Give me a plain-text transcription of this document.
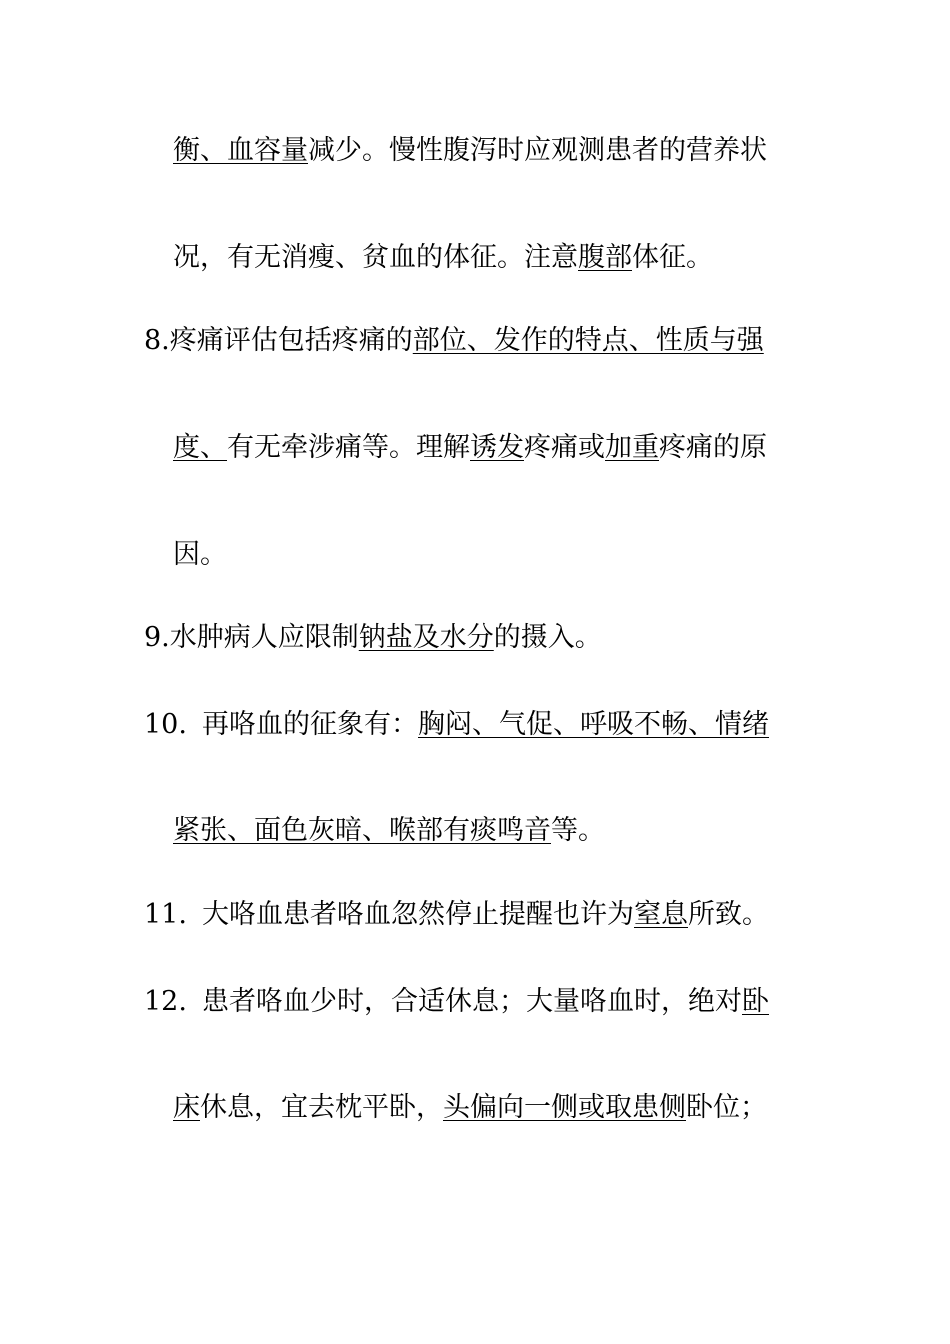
衡、血容量减少。慢性腹泻时应观测患者的营养状
况，有无消瘦、贫血的体征。注意腹部体征。
8.疼痛评估包括疼痛的部位、发作的特点、性质与强
度、有无牵涉痛等。理解诱发疼痛或加重疼痛的原
因。
9.水肿病人应限制钠盐及水分的摄入。
10. 再咯血的征象有：胸闷、气促、呼吸不畅、情绪
紧张、面色灰暗、喉部有痰鸣音等。
11. 大咯血患者咯血忽然停止提醒也许为窒息所致。
12. 患者咯血少时，合适休息；大量咯血时，绝对卧
床休息，宜去枕平卧，头偏向一侧或取患侧卧位；
